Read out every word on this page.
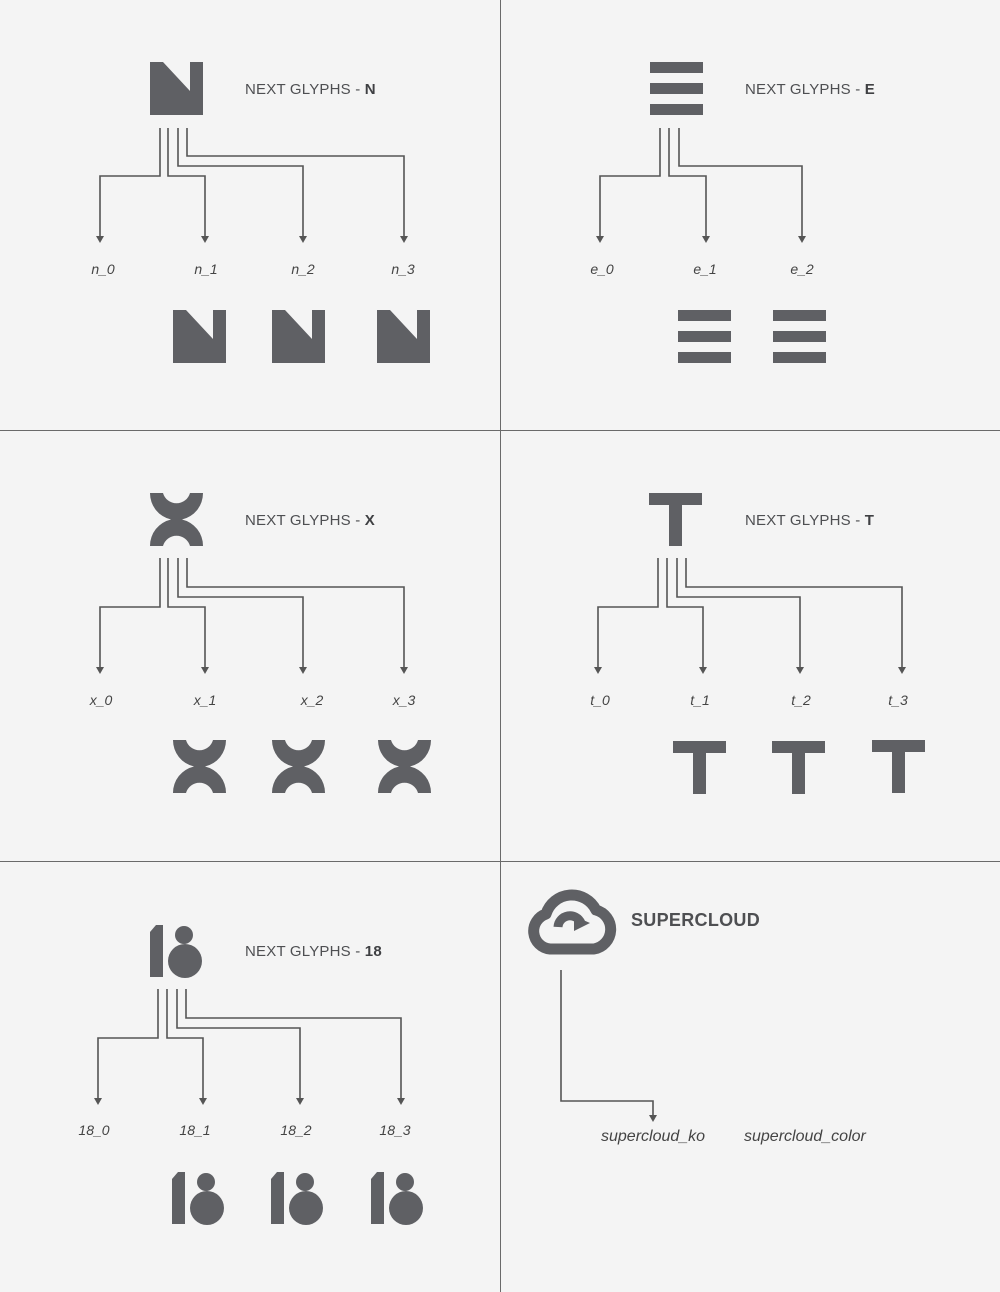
NEXT GLYPHS - N
n_0	n_1	n_2	n_3
NEXT GLYPHS - E
e_0	e_1	e_2
NEXT GLYPHS - X
x_0	x_1	x_2	x_3
NEXT GLYPHS - T
t_0	t_1	t_2	t_3
NEXT GLYPHS - 18
18_0	18_1	18_2	18_3
SUPERCLOUD
supercloud_ko supercloud_color
